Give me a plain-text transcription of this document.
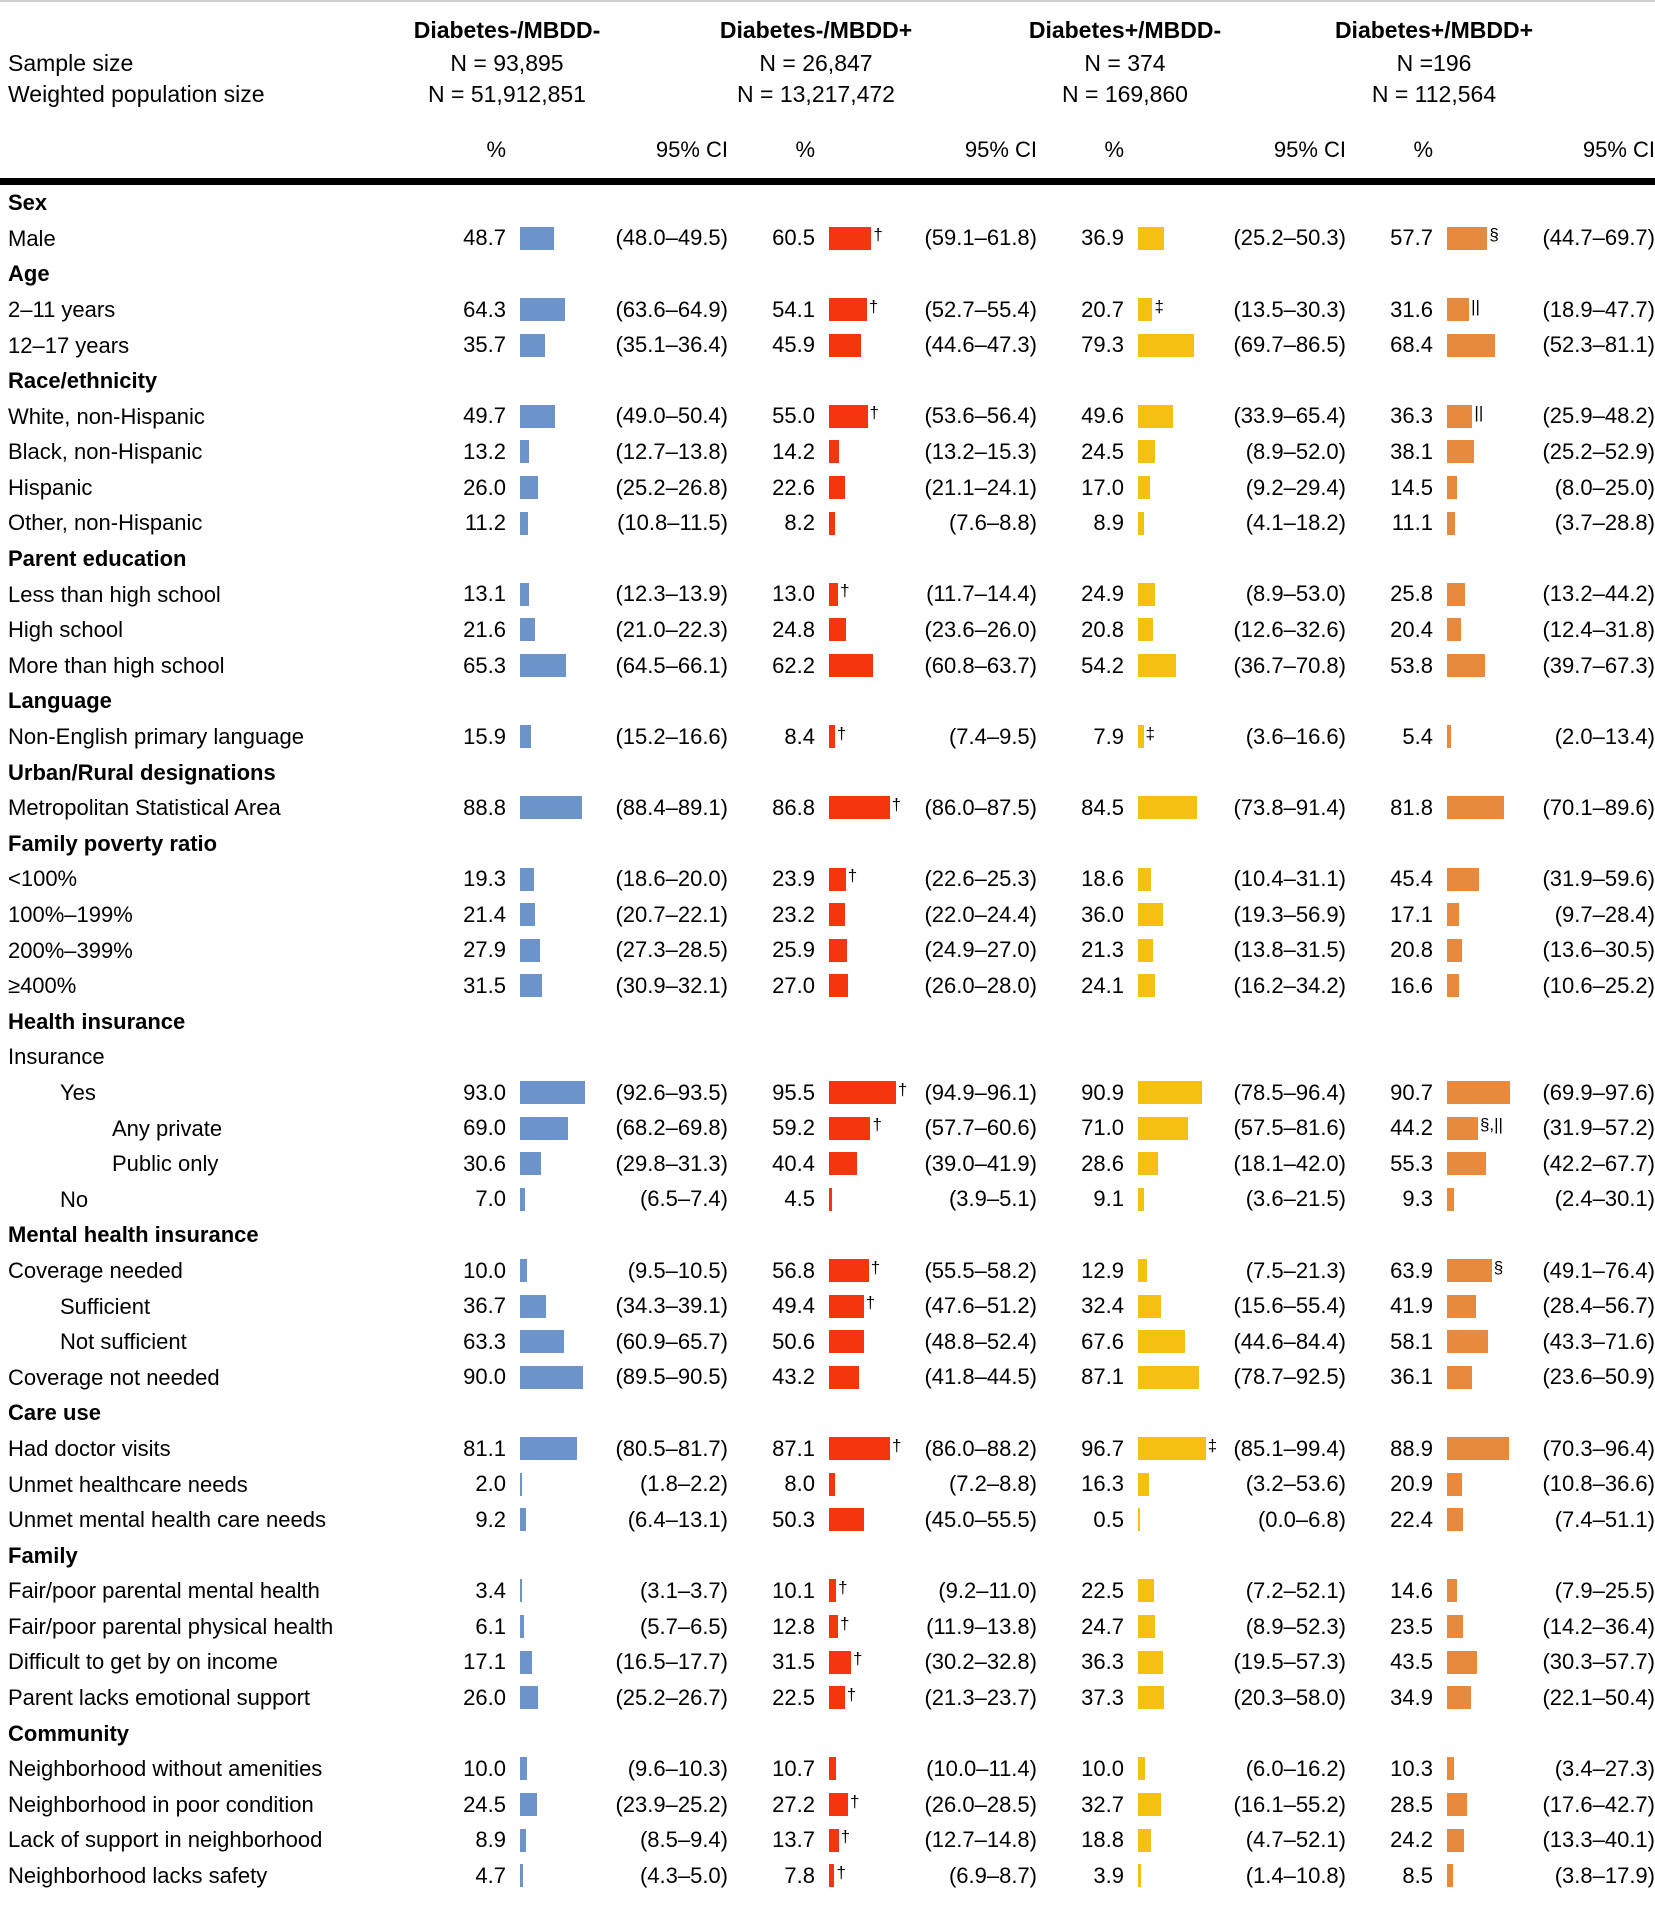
Diabetes-/MBDD-	Diabetes-/MBDD+	Diabetes+/MBDD-	Diabetes+/MBDD+
Sample size	N = 93,895	N = 26,847	N = 374	N =196
Weighted population size	N = 51,912,851	N = 13,217,472	N = 169,860	N = 112,564
%	95% CI	%	95% CI	%	95% CI	%	95% CI
Sex
Male	48.7	(48.0–49.5)	60.5	†	(59.1–61.8)	36.9	(25.2–50.3)	57.7	§	(44.7–69.7)
Age
2–11 years	64.3	(63.6–64.9)	54.1	†	(52.7–55.4)	20.7 ‡	(13.5–30.3)	31.6 ||	(18.9–47.7)
12–17 years	35.7	(35.1–36.4)	45.9	(44.6–47.3)	79.3	(69.7–86.5)	68.4	(52.3–81.1)
Race/ethnicity
White, non-Hispanic	49.7	(49.0–50.4)	55.0	†	(53.6–56.4)	49.6	(33.9–65.4)	36.3 ||	(25.9–48.2)
Black, non-Hispanic	13.2	(12.7–13.8)	14.2	(13.2–15.3)	24.5	(8.9–52.0)	38.1	(25.2–52.9)
Hispanic	26.0	(25.2–26.8)	22.6	(21.1–24.1)	17.0	(9.2–29.4)	14.5	(8.0–25.0)
Other, non-Hispanic	11.2	(10.8–11.5)	8.2	(7.6–8.8)	8.9	(4.1–18.2)	11.1	(3.7–28.8)
Parent education
Less than high school	13.1	(12.3–13.9)	13.0 †	(11.7–14.4)	24.9	(8.9–53.0)	25.8	(13.2–44.2)
High school	21.6	(21.0–22.3)	24.8	(23.6–26.0)	20.8	(12.6–32.6)	20.4	(12.4–31.8)
More than high school	65.3	(64.5–66.1)	62.2	(60.8–63.7)	54.2	(36.7–70.8)	53.8	(39.7–67.3)
Language
Non-English primary language	15.9	(15.2–16.6)	8.4 †	(7.4–9.5)	7.9 ‡	(3.6–16.6)	5.4	(2.0–13.4)
Urban/Rural designations
Metropolitan Statistical Area	88.8	(88.4–89.1)	86.8	†	(86.0–87.5)	84.5	(73.8–91.4)	81.8	(70.1–89.6)
Family poverty ratio
<100%	19.3	(18.6–20.0)	23.9 †	(22.6–25.3)	18.6	(10.4–31.1)	45.4	(31.9–59.6)
100%–199%	21.4	(20.7–22.1)	23.2	(22.0–24.4)	36.0	(19.3–56.9)	17.1	(9.7–28.4)
200%–399%	27.9	(27.3–28.5)	25.9	(24.9–27.0)	21.3	(13.8–31.5)	20.8	(13.6–30.5)
≥400%	31.5	(30.9–32.1)	27.0	(26.0–28.0)	24.1	(16.2–34.2)	16.6	(10.6–25.2)
Health insurance
Insurance
Yes	93.0	(92.6–93.5)	95.5	† (94.9–96.1)	90.9	(78.5–96.4)	90.7	(69.9–97.6)
Any private	69.0	(68.2–69.8)	59.2	†	(57.7–60.6)	71.0	(57.5–81.6)	44.2	§,||	(31.9–57.2)
Public only	30.6	(29.8–31.3)	40.4	(39.0–41.9)	28.6	(18.1–42.0)	55.3	(42.2–67.7)
No	7.0	(6.5–7.4)	4.5	(3.9–5.1)	9.1	(3.6–21.5)	9.3	(2.4–30.1)
Mental health insurance
Coverage needed	10.0	(9.5–10.5)	56.8	†	(55.5–58.2)	12.9	(7.5–21.3)	63.9	§	(49.1–76.4)
Sufficient	36.7	(34.3–39.1)	49.4	†	(47.6–51.2)	32.4	(15.6–55.4)	41.9	(28.4–56.7)
Not sufficient	63.3	(60.9–65.7)	50.6	(48.8–52.4)	67.6	(44.6–84.4)	58.1	(43.3–71.6)
Coverage not needed	90.0	(89.5–90.5)	43.2	(41.8–44.5)	87.1	(78.7–92.5)	36.1	(23.6–50.9)
Care use
Had doctor visits	81.1	(80.5–81.7)	87.1	†	(86.0–88.2)	96.7	‡ (85.1–99.4)	88.9	(70.3–96.4)
Unmet healthcare needs	2.0	(1.8–2.2)	8.0	(7.2–8.8)	16.3	(3.2–53.6)	20.9	(10.8–36.6)
Unmet mental health care needs	9.2	(6.4–13.1)	50.3	(45.0–55.5)	0.5	(0.0–6.8)	22.4	(7.4–51.1)
Family
Fair/poor parental mental health	3.4	(3.1–3.7)	10.1 †	(9.2–11.0)	22.5	(7.2–52.1)	14.6	(7.9–25.5)
Fair/poor parental physical health	6.1	(5.7–6.5)	12.8 †	(11.9–13.8)	24.7	(8.9–52.3)	23.5	(14.2–36.4)
Difficult to get by on income	17.1	(16.5–17.7)	31.5 †	(30.2–32.8)	36.3	(19.5–57.3)	43.5	(30.3–57.7)
Parent lacks emotional support	26.0	(25.2–26.7)	22.5 †	(21.3–23.7)	37.3	(20.3–58.0)	34.9	(22.1–50.4)
Community
Neighborhood without amenities	10.0	(9.6–10.3)	10.7	(10.0–11.4)	10.0	(6.0–16.2)	10.3	(3.4–27.3)
Neighborhood in poor condition	24.5	(23.9–25.2)	27.2 †	(26.0–28.5)	32.7	(16.1–55.2)	28.5	(17.6–42.7)
Lack of support in neighborhood	8.9	(8.5–9.4)	13.7 †	(12.7–14.8)	18.8	(4.7–52.1)	24.2	(13.3–40.1)
Neighborhood lacks safety	4.7	(4.3–5.0)	7.8 †	(6.9–8.7)	3.9	(1.4–10.8)	8.5	(3.8–17.9)
